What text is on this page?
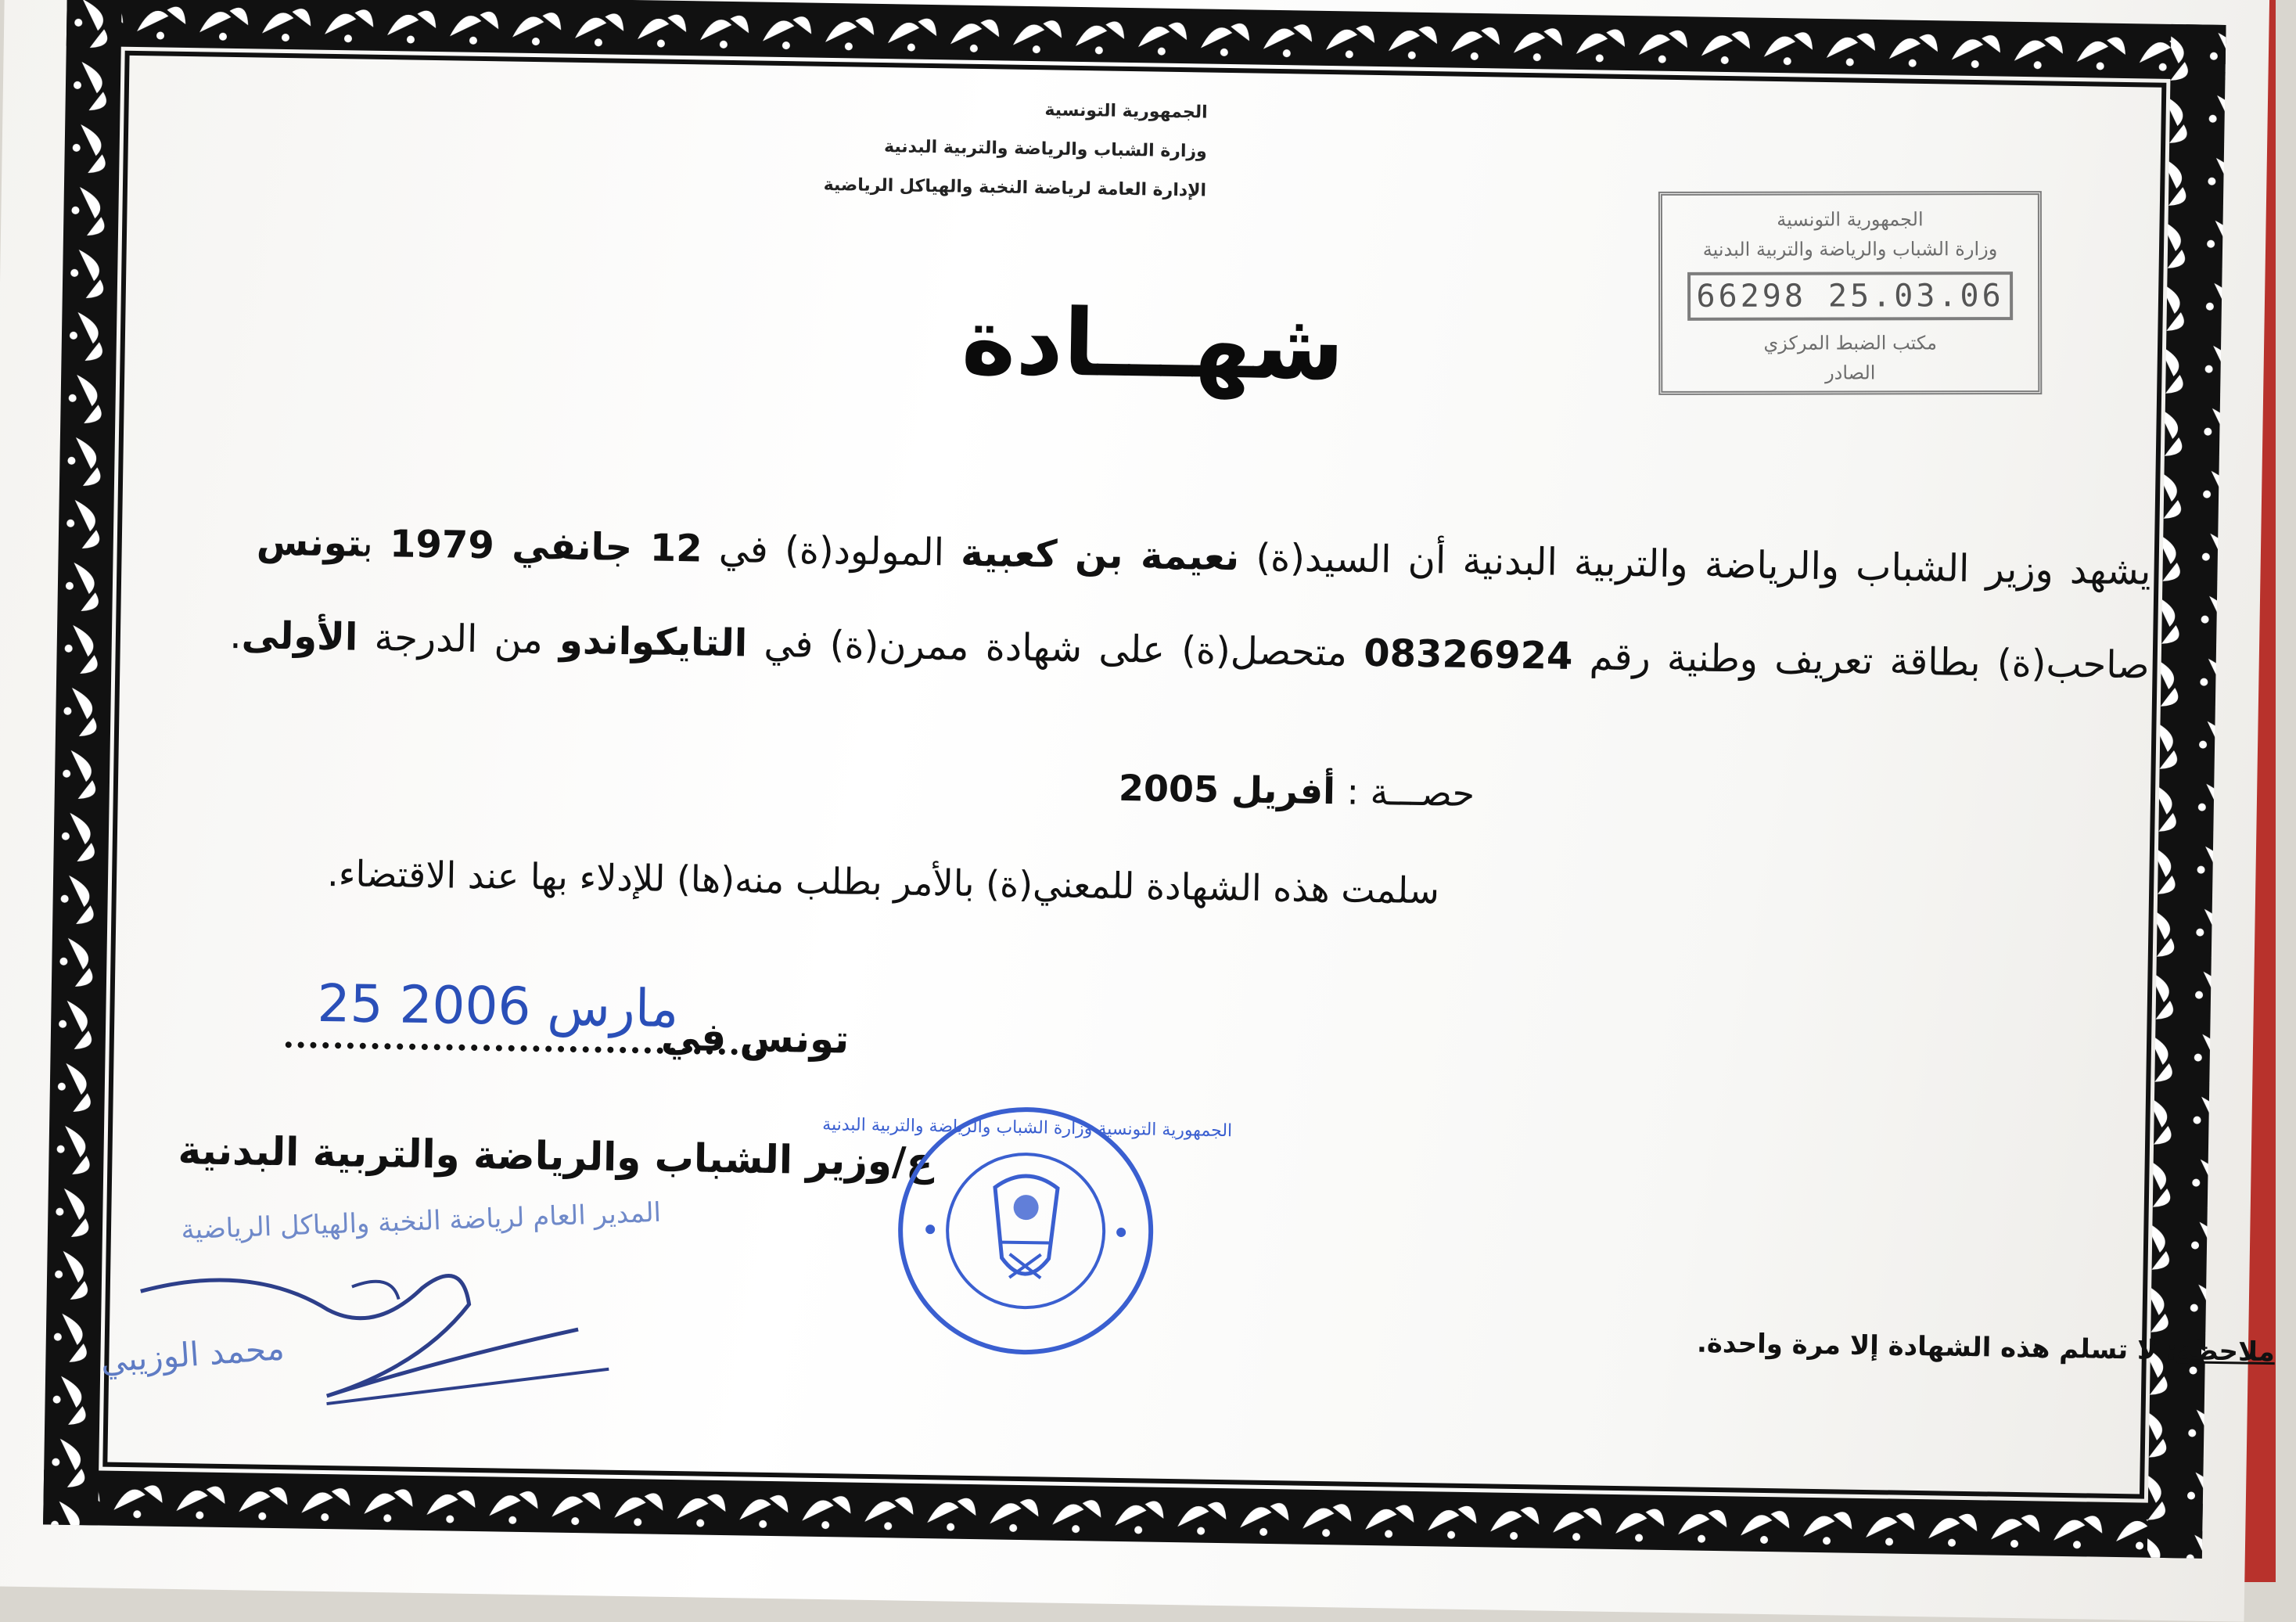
الجمهورية التونسية
وزارة الشباب والرياضة والتربية البدنية
الإدارة العامة لرياضة النخبة والهياكل الرياضية
الجمهورية التونسية
وزارة الشباب والرياضة والتربية البدنية
66298 25.03.06
مكتب الضبط المركزي
الصادر
شهـــادة
يشهد وزير الشباب والرياضة والتربية البدنية أن السيد(ة) نعيمة بن كعبية المولود(ة) في 12 جانفي 1979 بتونس صاحب(ة) بطاقة تعريف وطنية رقم 08326924 متحصل(ة) على شهادة ممرن(ة) في التايكواندو من الدرجة الأولى.
حصـــة : أفريل 2005
سلمت هذه الشهادة للمعني(ة) بالأمر بطلب منه(ها) للإدلاء بها عند الاقتضاء.
25 مارس 2006
تونس في
ع/وزير الشباب والرياضة والتربية البدنية
المدير العام لرياضة النخبة والهياكل الرياضية
محمد الوزيبي
الجمهورية التونسية وزارة الشباب والرياضة والتربية البدنية
ملاحظة: لا تسلم هذه الشهادة إلا مرة واحدة.
